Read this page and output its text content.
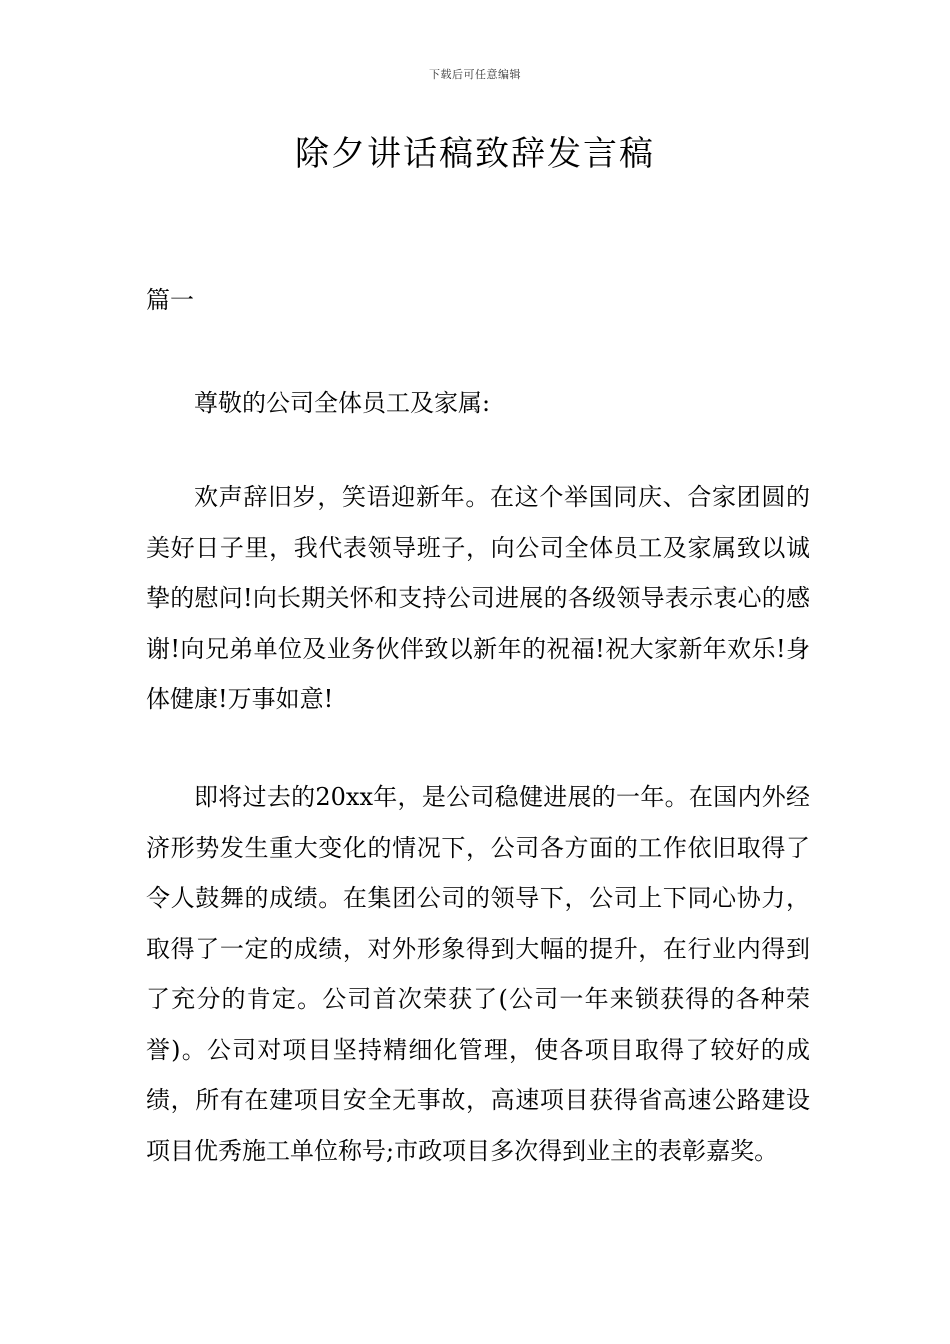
下载后可任意编辑
除夕讲话稿致辞发言稿
篇一

尊敬的公司全体员工及家属:

欢声辞旧岁，笑语迎新年。在这个举国同庆、合家团圆的美好日子里，我代表领导班子，向公司全体员工及家属致以诚挚的慰问!向长期关怀和支持公司进展的各级领导表示衷心的感谢!向兄弟单位及业务伙伴致以新年的祝福!祝大家新年欢乐!身体健康!万事如意!

即将过去的20xx年，是公司稳健进展的一年。在国内外经济形势发生重大变化的情况下，公司各方面的工作依旧取得了令人鼓舞的成绩。在集团公司的领导下，公司上下同心协力，取得了一定的成绩，对外形象得到大幅的提升，在行业内得到了充分的肯定。公司首次荣获了(公司一年来锁获得的各种荣誉)。公司对项目坚持精细化管理，使各项目取得了较好的成绩，所有在建项目安全无事故，高速项目获得省高速公路建设项目优秀施工单位称号;市政项目多次得到业主的表彰嘉奖。
